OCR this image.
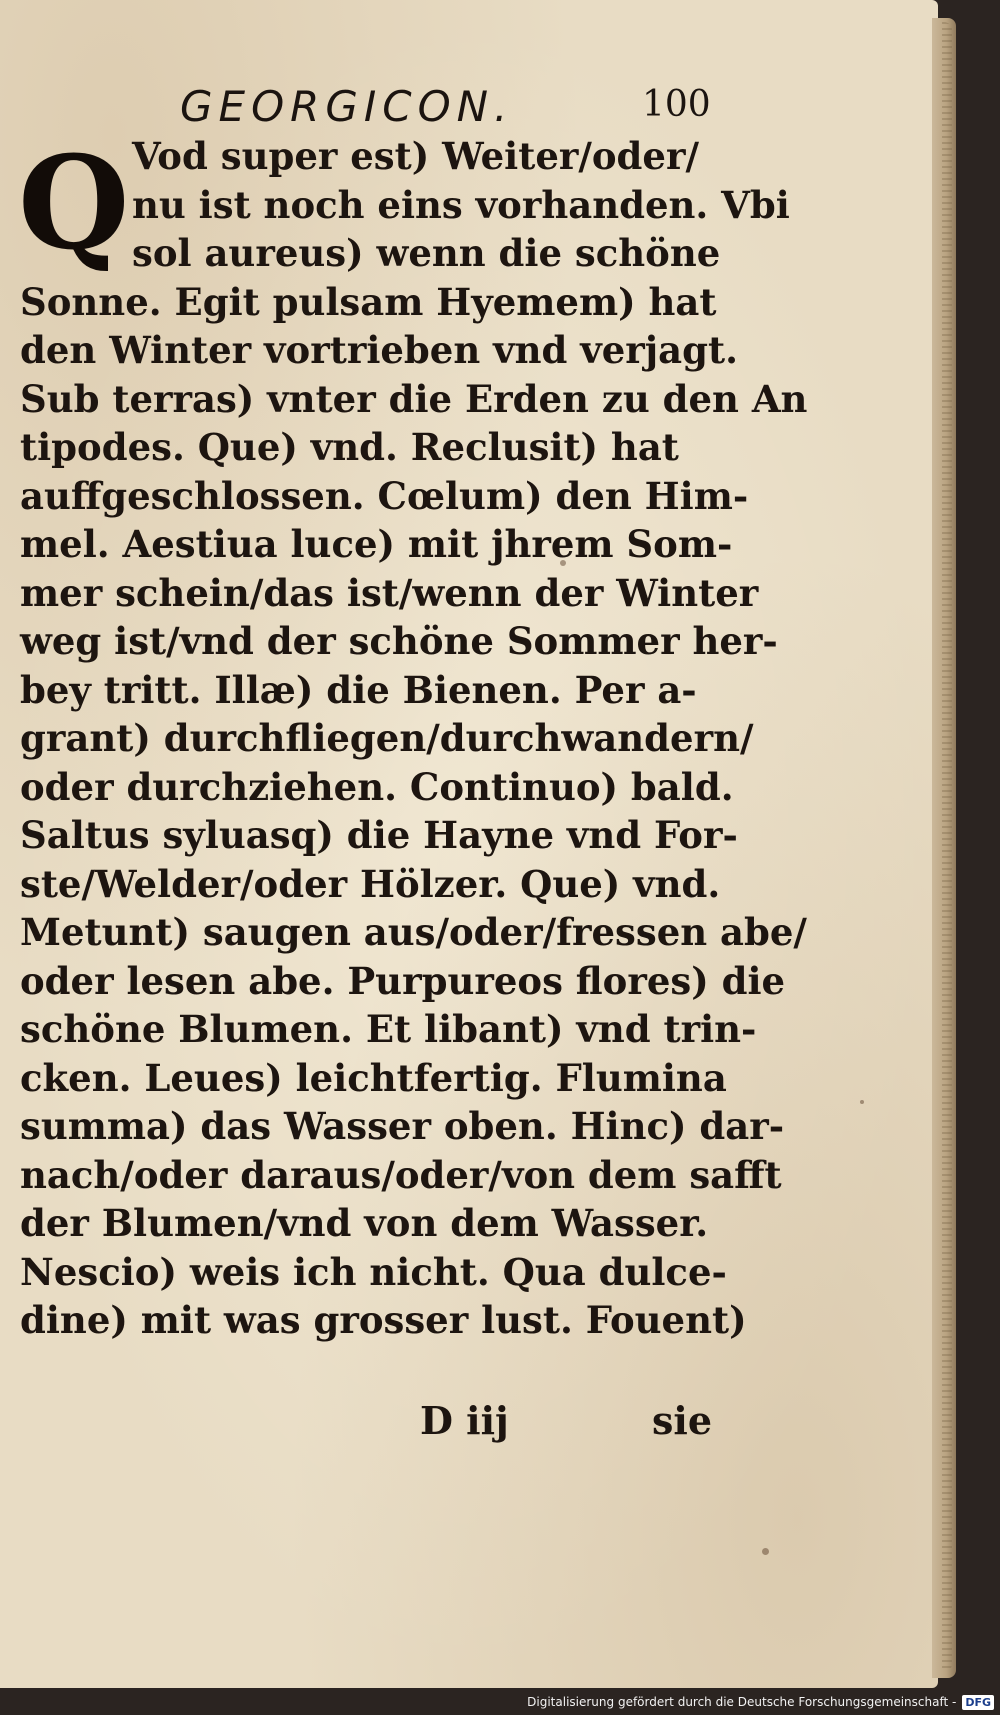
GEORGICON.	100
Q Vod super est) Weiter/oder/
nu ist noch eins vorhanden. Vbi
sol aureus) wenn die schöne
Sonne. Egit pulsam Hyemem) hat
den Winter vortrieben vnd verjagt.
Sub terras) vnter die Erden zu den An
tipodes. Que) vnd. Reclusit) hat
auffgeschlossen. Cœlum) den Him-
mel. Aestiua luce) mit jhrem Som-
mer schein/das ist/wenn der Winter
weg ist/vnd der schöne Sommer her-
bey tritt. Illæ) die Bienen. Per a-
grant) durchfliegen/durchwandern/
oder durchziehen. Continuo) bald.
Saltus syluasq) die Hayne vnd For-
ste/Welder/oder Hölzer. Que) vnd.
Metunt) saugen aus/oder/fressen abe/
oder lesen abe. Purpureos flores) die
schöne Blumen. Et libant) vnd trin-
cken. Leues) leichtfertig. Flumina
summa) das Wasser oben. Hinc) dar-
nach/oder daraus/oder/von dem safft
der Blumen/vnd von dem Wasser.
Nescio) weis ich nicht. Qua dulce-
dine) mit was grosser lust. Fouent)
D iij	sie
Digitalisierung gefördert durch die Deutsche Forschungsgemeinschaft - DFG
